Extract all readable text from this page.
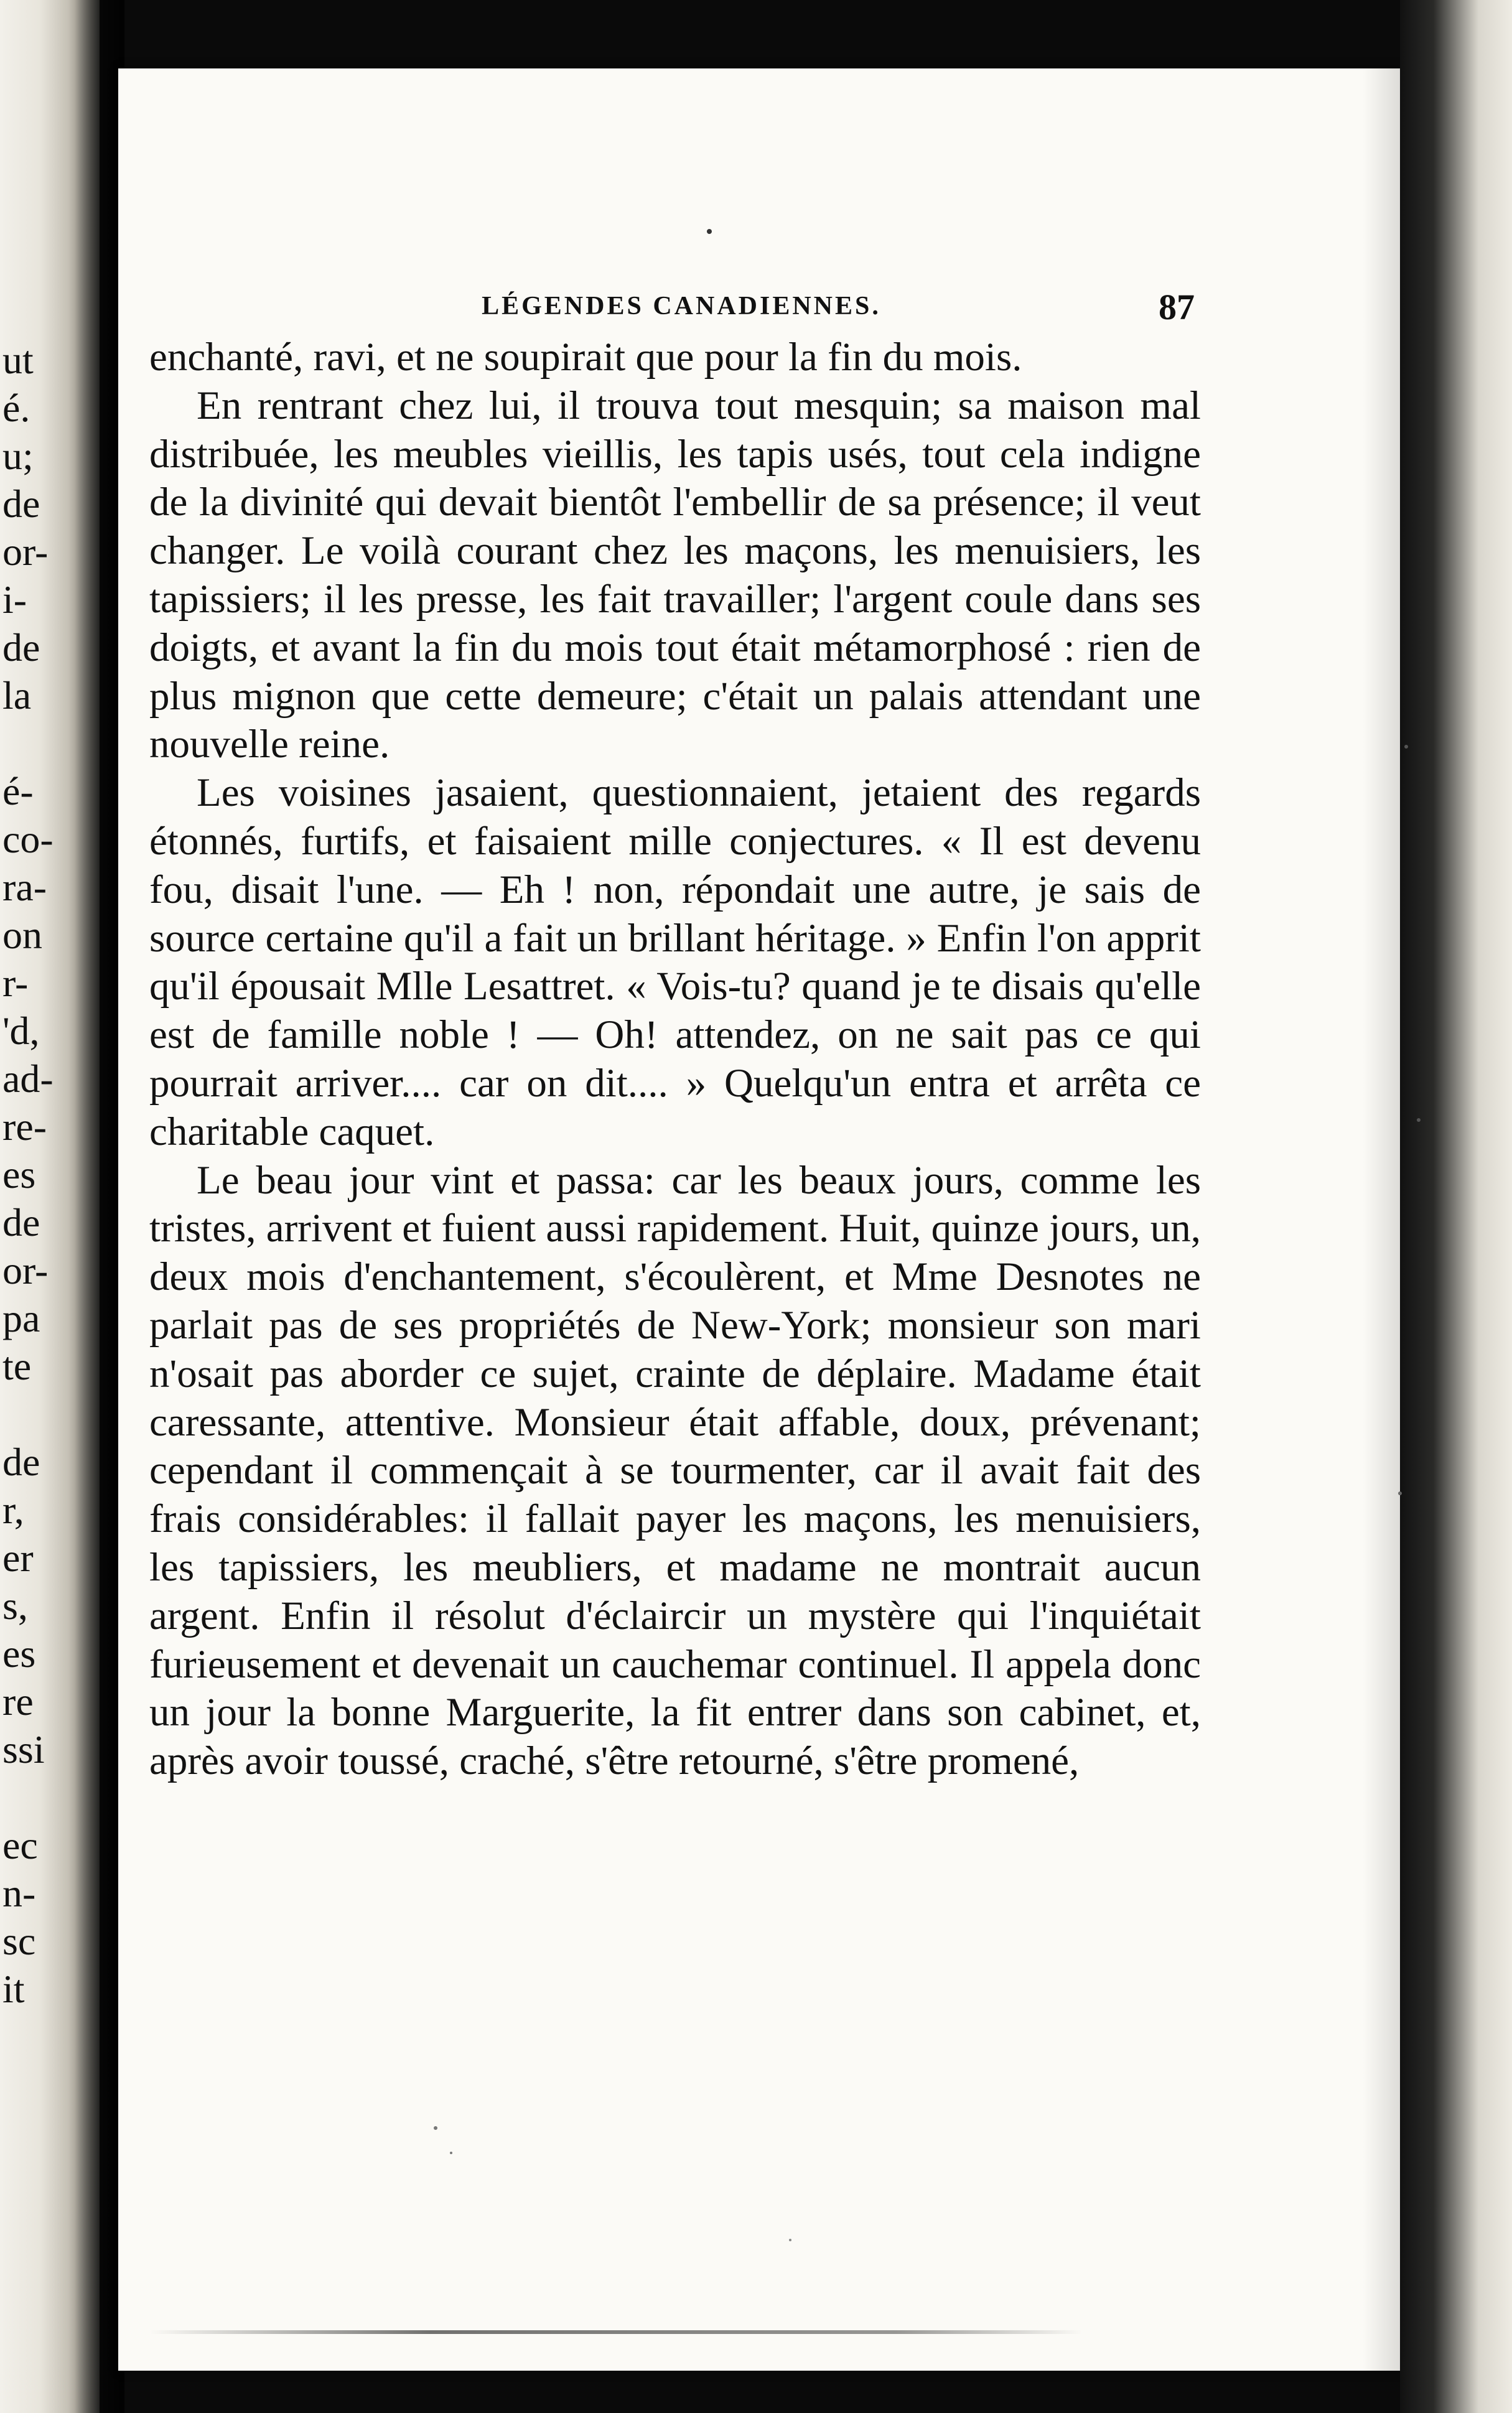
ut
é.
u;
de
or-
i-
de
la
é-
co-
ra-
on
r-
'd,
ad-
re-
es
de
or-
pa
te
de
r,
er
s,
es
re
ssi
ec
n-
sc
it
LÉGENDES CANADIENNES.	87

enchanté, ravi, et ne soupirait que pour la fin du mois.

En rentrant chez lui, il trouva tout mesquin; sa maison mal distribuée, les meubles vieillis, les tapis usés, tout cela indigne de la divinité qui devait bientôt l'embellir de sa présence; il veut changer. Le voilà courant chez les maçons, les menuisiers, les tapissiers; il les presse, les fait travailler; l'argent coule dans ses doigts, et avant la fin du mois tout était métamorphosé : rien de plus mignon que cette demeure; c'était un palais attendant une nouvelle reine.

Les voisines jasaient, questionnaient, jetaient des regards étonnés, furtifs, et faisaient mille conjectures. « Il est devenu fou, disait l'une. — Eh ! non, répondait une autre, je sais de source certaine qu'il a fait un brillant héritage. » Enfin l'on apprit qu'il épousait Mlle Lesattret. « Vois-tu? quand je te disais qu'elle est de famille noble ! — Oh! attendez, on ne sait pas ce qui pourrait arriver.... car on dit.... » Quelqu'un entra et arrêta ce charitable caquet.

Le beau jour vint et passa: car les beaux jours, comme les tristes, arrivent et fuient aussi rapidement. Huit, quinze jours, un, deux mois d'enchantement, s'écoulèrent, et Mme Desnotes ne parlait pas de ses propriétés de New-York; monsieur son mari n'osait pas aborder ce sujet, crainte de déplaire. Madame était caressante, attentive. Monsieur était affable, doux, prévenant; cependant il commençait à se tourmenter, car il avait fait des frais considérables: il fallait payer les maçons, les menuisiers, les tapissiers, les meubliers, et madame ne montrait aucun argent. Enfin il résolut d'éclaircir un mystère qui l'inquiétait furieusement et devenait un cauchemar continuel. Il appela donc un jour la bonne Marguerite, la fit entrer dans son cabinet, et, après avoir toussé, craché, s'être retourné, s'être promené,
